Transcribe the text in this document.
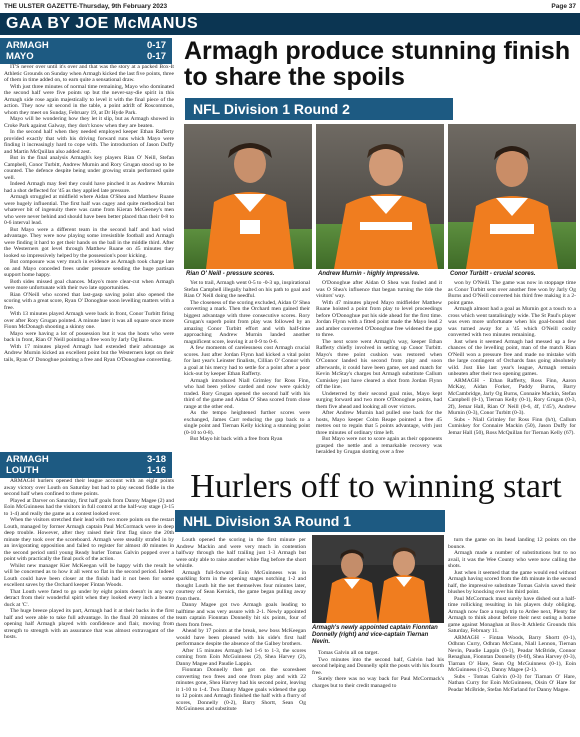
THE ULSTER GAZETTE-Thursday, 9th February 2023	Page 37
GAA BY JOE McMANUS
ARMAGH	0-17
MAYO	0-17 Armagh produce stunning finish to share the spoils
NFL Division 1 Round 2
Rian O' Neill - pressure scores.	Andrew Murnin - highly impressive.	Conor Turbitt - crucial scores.

IT'S never over until it's over and that was the story at a packed Box-It Athletic Grounds on Sunday when Armagh kicked the last five points, three of them in time added on, to earn quite a sensational draw.

With just three minutes of normal time remaining, Mayo who dominated the second half were five points up but the never-say-die spirit in this Armagh side rose again majestically to level it with the final piece of the action. They now sit second in the table, a point adrift of Roscommon, whom they meet on Sunday, February 19, at Dr Hyde Park.

Mayo will be wondering how they let it slip, but as Armagh showed in Croke Park against Galway, they don't know when they are beaten.

In the second half when they needed employed keeper Ethan Rafferty provided exactly that with his driving forward runs which Mayo were finding it increasingly hard to cope with. The introduction of Jason Duffy and Martin McQuillan also added zest.

But in the final analysis Armagh's key players Rian O' Neill, Stefan Campbell, Conor Turbitt, Andrew Murnin and Rory Grugan stood up to be counted. The defence despite being under growing strain performed quite well.

Indeed Armagh may feel they could have pinched it as Andrew Murnin had a shot deflected for '45 as they applied late pressure.

Armagh struggled at midfield where Aidan O'Shea and Matthew Ruane were hugely influential. The first half was cagey and quite methodical but whatever bit of ingenuity there was came from Kieran McGeeney's men who were never behind and should have been better placed than their 0-8 to 0-6 interval lead.

But Mayo were a different team in the second half and had wind advantage. They were now playing some irresistible football and Armagh were finding it hard to get their hands on the ball in the middle third. After the Westerners got level through Matthew Ruane on 45 minutes they looked so impressively helped by the possession's poor kicking.

But composure was very much in evidence as Armagh took charge late on and Mayo conceded frees under pressure sending the huge partisan support home happy.

Both sides missed goal chances. Mayo's more clear-cut when Armagh were more unfortunate with their two late opportunities.

Rian O'Neill who scored that last-gasp saving point also opened the scoring with a great score, Ryan O' Donoghue soon levelling matters with a free.

With 13 minutes played Armagh were back in front, Conor Turbitt firing over after Rory Grugan pointed. A minute later it was all square once more Fionn McDonagh shooting a skinny one.

Mayo were having a lot of possession but it was the hosts who were back in front, Rian O' Neill pointing a free won by Jarly Og Burns.

With 17 minutes played Armagh had extended their advantage as Andrew Murnin kicked an excellent point but the Westerners kept on their tails, Ryan O' Donoghue pointing a free and Ryan O'Donoghue converting.

Yet to trail, Armagh went 0-5 to -0-3 up, inspirational Stefan Campbell illegally halted on his path to goal and Rian O' Neill doing the needful.

The closeness of the scoring excluded, Aidan O' Shea converting a mark. Then the Orchard men gained their biggest advantage with three consecutive scores. Rory Grugan's superb point from play was followed by an amazing Conor Turbitt effort and with half-time approaching Andrew Murnin landed another magnificent score, leaving it at 0-9 to 0-6.

A few moments of carelessness cost Armagh crucial scores. Just after Jordan Flynn had kicked a vital point for last year's Leinster finalists, Cillian O' Connor with a goal at his mercy had to settle for a point after a poor kick-out by keeper Ethan Rafferty.

Armagh introduced Niall Grimley for Ross Finn, who had been yellow carded and now were quickly traded. Rory Grugan opened the second half with his third of the game and Aidan O' Shea scored from close range at the other end.

As the tempo heightened further scores were exchanged, James Carr reducing the gap back to a single point and Tiernan Kelly kicking a stunning point (0-10 to 0-8).

But Mayo hit back with a free from Ryan

O'Donoghue after Aidan O Shea was fouled and it was O Shea's influence that began turning the tide the visitors' way.

With 47 minutes played Mayo midfielder Matthew Ruane hoisted a point from play to level proceedings before O'Donoghue put his side ahead for the first time. Jordan Flynn with a fitted point made the Mayo lead 2 and amber converted O'Donoghue free widened the gap to three.

The next score went Armagh's way, keeper Ethan Rafferty chiefly involved in setting up Conor Turbitt. Mayo's three point cushion was restored when O'Connor landed his second from play and soon afterwards, it could have been game, set and match for Kevin McStay's charges but Armagh substitute Callum Cumiskey just have cleared a shot from Jordan Flynn off the line.

Undeterred by their second goal miss, Mayo kept surging forward and two more O'Donoghue points, had them five ahead and looking all over victors.

After Andrew Murnin had pulled one back for the hosts, Mayo keeper Colm Reape pointed a free 45 metres out to regain that 5 points advantage, with just three minutes of ordinary time left.

But Mayo were not to score again as their opponents grasped the nettle and a remarkable recovery was heralded by Grugan slotting over a free

won by O'Neill. The game was now in stoppage time as Conor Turbitt sent over another free won by Jarly Og Burns and O'Neill converted his third free making it a 2-point game.

Armagh almost had a goal as Murnin got a touch to a cross which went tantalisingly wide. The St Paul's player was even more unfortunate when his goal-bound shot was turned away for a '45 which O'Neill coolly converted with two minutes remaining.

Just when it seemed Armagh had messed up a few chances of the levelling point, man of the match Rian O'Neill won a pressure free and made no mistake with the large contingent of Orchards fans going absolutely wild. Just like last year's league, Armagh remain unbeaten after their two opening games.

ARMAGH - Ethan Rafferty, Ross Finn, Aaron McKay, Aidan Forker, Paddy Burns, Barry McCambridge, Jarly Og Burns, Connaire Mackin, Stefan Campbell (0-1), Tiernan Kelly (0-1), Rory Grugan (0-3, 2f), Jemar Hall, Rian O' Neill (0-6, 4f, 1'45'), Andrew Murnin (0-3), Conor Turbitt (0-3).

Subs - Niall Grimley for Ross Finn (h/t), Callum Cumiskey for Connaire Mackin (50), Jason Duffy for Jemar Hall (50), Ross McQuillan for Tiernan Kelly (67).

ARMAGH	3-18
LOUTH	1-16 Hurlers off to winning start

ARMAGH hurlers opened their league account with an eight points away victory over Louth on Saturday but had to play second fiddle in the second half when confined to three points.

Played at Darver on Saturday, first half goals from Danny Magee (2) and Eoin McGuinness had the visitors in full control at the half-way stage (3-15 to 1-4) and really the game as a contest looked over.

When the visitors stretched their lead with two more points on the restart Louth, managed by former Armagh captain Paul McCormack were in deep deep trouble. However, after they raised their first flag since the 20th minute they took over the scoreboard. Armagh were steadily strafed in by an invigorating opposition and failed to register for almost 40 minutes in the second period until young Ready hurler Tomas Galvin popped over a point with practically the final puck of the action.

Whilst new manager Kier McKeegan will be happy with the result he will be concerned as to how it all went so flat in the second period. Indeed Louth could have been closer at the finish had it not been for some excellent saves by the Orchard keeper Fintan Woods.

That Louth were fated to go under by eight points doesn't in any way detract from their wonderful spirit when they looked every inch a beaten duck at 'C'.

The huge breeze played its part, Armagh had it at their backs in the first half and were able to take full advantage. In the final 20 minutes of the opening half Armagh played with confidence and flair, moving from strength to strength with an assurance that was almost extravagant of the hosts.

NHL Division 3A Round 1

Louth opened the scoring in the first minute per Andrew Mackin and were very much in contention halfway through the half trailing just 1-3 Armagh but were only able to raise another white flag before the short whistle.

Armagh full-forward Eoin McGuinness was in sparkling form in the opening stages notching 1-2 and thought Louth hit the net themselves four minutes later, courtesy of Sean Kernick, the game began pulling away from them.

Danny Magee got two Armagh goals leading to halftime and was very assure with 2-1. Newly appointed team captain Fionntan Donnelly hit six points, four of them from frees.

Ahead by 17 points at the break, new boss McKeegan would have been pleased with his side's first half performance despite the absence of the Galbey brothers.

After 15 minutes Armagh led 1-6 to 1-3, the scores coming from Eoin McGuinness (2), Shea Harvey (2), Danny Magee and Paudie Lappin.

Fionntan Donnelly then got on the scoresheet converting two frees and one from play and with 22 minutes gone, Shea Harvey had his second point, leaving it 1-10 to 1-4. Two Danny Magee goals widened the gap to 12 points and Armagh finished the half with a flurry of scores, Donnelly (0-2), Barry Shortt, Sean Og McGuinness and substitute

Armagh's newly appointed captain Fionntan Donnelly (right) and vice-captain Tiernan Nevin.

Tomas Galvin all on target.

Two minutes into the second half, Galvin had his second helping and Donnelly split the posts with his fourth free.

Surely there was no way back for Paul McCormack's charges but to their credit managed to

turn the game on its head landing 12 points on the bounce.

Armagh made a number of substitutions but to no avail, it was the Wee County who were now calling the shots.

Just when it seemed that the game would end without Armagh having scored from the 4th minute in the second half, the impressive substitute Tomas Galvin saved their blushes by knocking over his third point.

Paul McCormack must surely have dished out a half-time rollicking resulting in his players duly obliging. Armagh now face a tough trip to Ardee next, Plenty for Armagh to think about before their next outing a home game against Monaghan at Box-It Athletic Grounds this Saturday, February 11.

ARMAGH - Fintan Woods, Barry Shortt (0-1), Odhran Curry, Odhran McCann, Niall Lennon, Tiernan Nevin, Paudie Lappin (0-1), Peadar McBride, Connor Renaghan, Fionntan Donnelly (0-6f), Shea Harvey (0-3), Tiarnan O' Hare, Sean Og McGuinness (0-1), Eoin McGuinness (1-2), Danny Magee (2-1).

Subs - Tomas Galvin (0-3) for Tiarnan O' Hare, Nathan Curry for Eoin McGuinness, Oisin O' Hare for Peadar McBride, Stefan McFarland for Danny Magee.
